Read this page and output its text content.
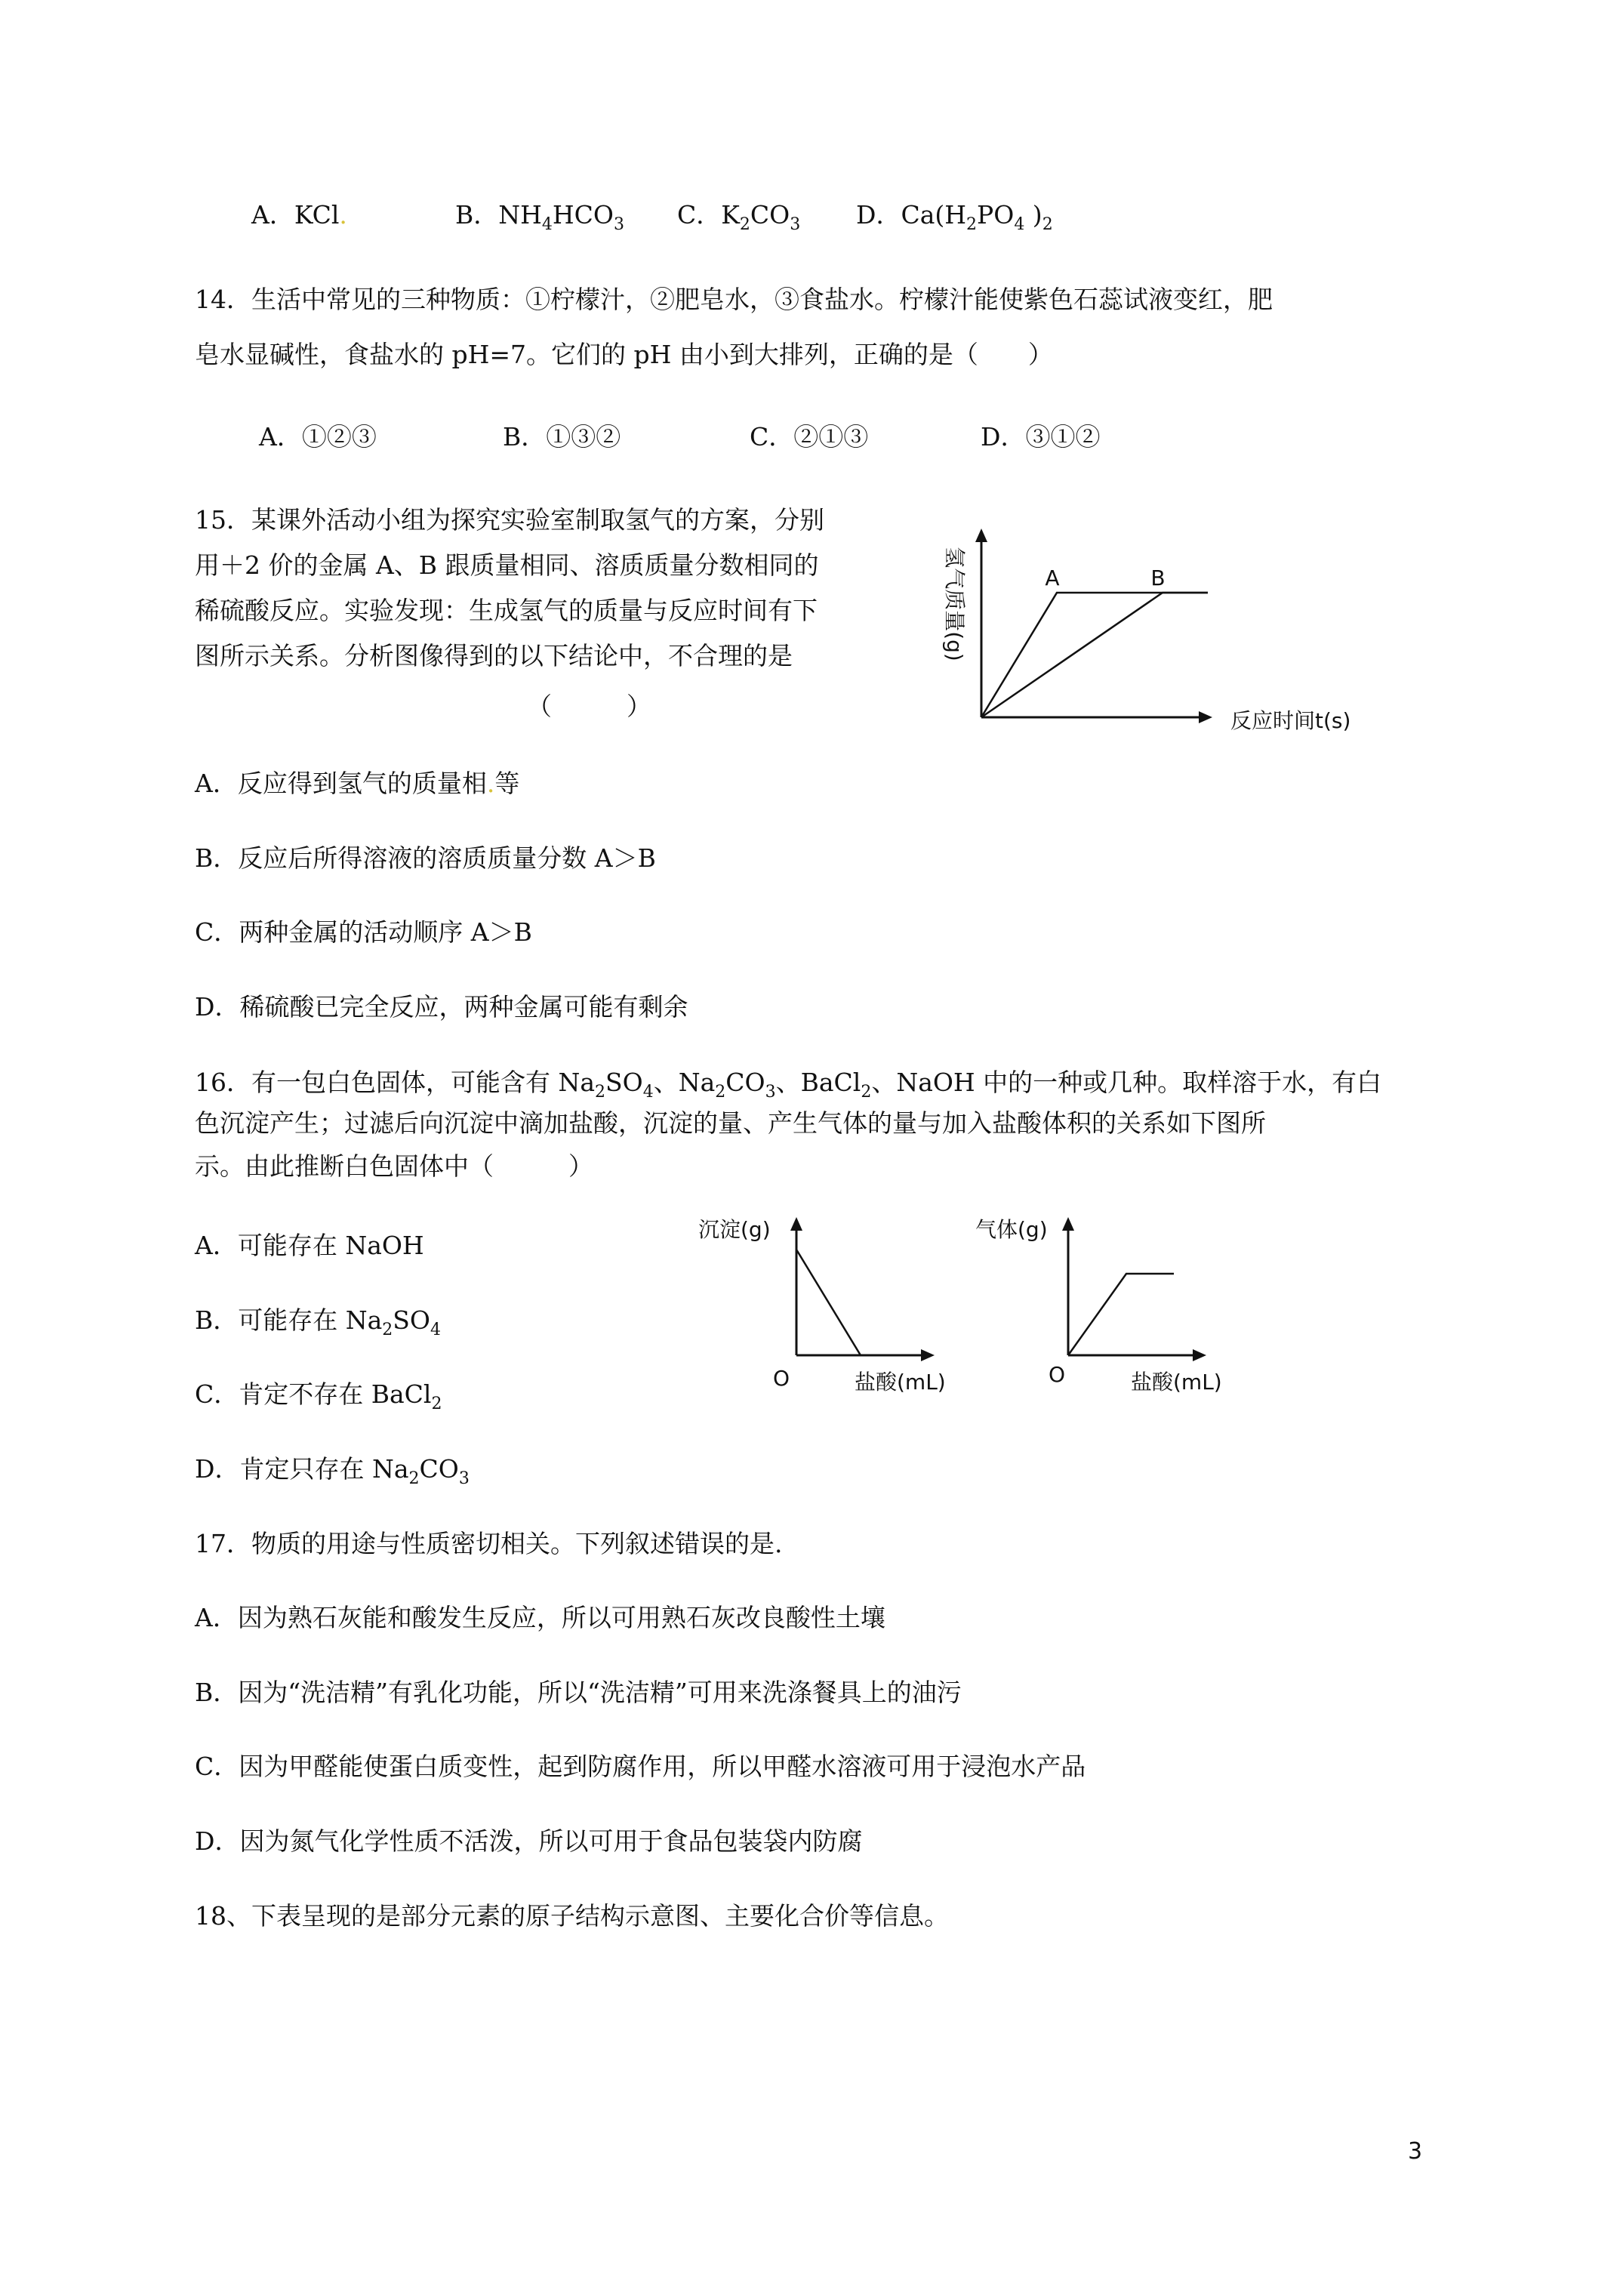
A．KCl.	B．$NH_4HCO_3$ C．$K_2CO_3$ D．$Ca(H_2PO_4$ )$_2$
14．生活中常见的三种物质：①柠檬汁，②肥皂水，③食盐水。柠檬汁能使紫色石蕊试液变红，肥
皂水显碱性，食盐水的 pH=7。它们的 pH 由小到大排列，正确的是（　　）
A．①②③	B．①③②	C．②①③	D．③①②
15．某课外活动小组为探究实验室制取氢气的方案，分别
用＋2 价的金属 A、B 跟质量相同、溶质质量分数相同的
稀硫酸反应。实验发现：生成氢气的质量与反应时间有下
图所示关系。分析图像得到的以下结论中，不合理的是
（　　　）
A	B
反应时间t(s)
氢气质量(g)
A．反应得到氢气的质量相.等
B．反应后所得溶液的溶质质量分数 A＞B
C．两种金属的活动顺序 A＞B
D．稀硫酸已完全反应，两种金属可能有剩余
16．有一包白色固体，可能含有 $Na_2SO_4$、$Na_2CO_3$、BaCl$_2$、NaOH 中的一种或几种。取样溶于水，有白
色沉淀产生；过滤后向沉淀中滴加盐酸，沉淀的量、产生气体的量与加入盐酸体积的关系如下图所
示。由此推断白色固体中（　　　）
A．可能存在 NaOH
B．可能存在 $Na_2SO_4$
C．肯定不存在 BaCl$_2$
D．肯定只存在 $Na_2CO_3$
沉淀(g)
O	盐酸(mL)
气体(g)
O	盐酸(mL)
17．物质的用途与性质密切相关。下列叙述错误的是.
A．因为熟石灰能和酸发生反应，所以可用熟石灰改良酸性土壤
B．因为“洗洁精”有乳化功能，所以“洗洁精”可用来洗涤餐具上的油污
C．因为甲醛能使蛋白质变性，起到防腐作用，所以甲醛水溶液可用于浸泡水产品
D．因为氮气化学性质不活泼，所以可用于食品包装袋内防腐
18、下表呈现的是部分元素的原子结构示意图、主要化合价等信息。
3
